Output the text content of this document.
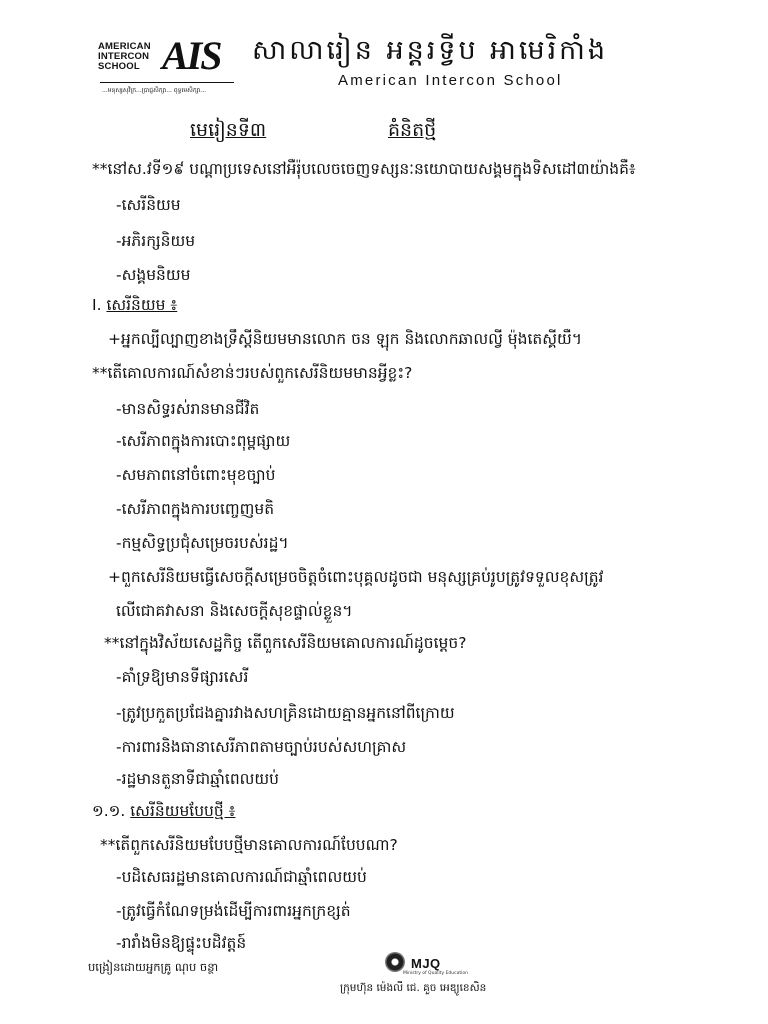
AMERICAN
INTERCON
SCHOOL AIS
...មនុស្សសុវិក្រ...ប្រាជ្ញសិក្សា... ពុទ្ធមេសិក្សា...
សាលារៀន អន្តរទ្វីប អាមេរិកាំង
American Intercon School
មេរៀនទី៣	គំនិតថ្មី
**នៅស.វទី១៩ បណ្ដាប្រទេសនៅអឺរ៉ុបលេចចេញទស្សនៈនយោបាយសង្គមក្នុងទិសដៅ៣យ៉ាងគឺ៖
-សេរីនិយម
-អភិរក្សនិយម
-សង្គមនិយម
I. សេរីនិយម ៖
+អ្នកល្បីល្បាញខាងទ្រឹស្ដីនិយមមានលោក ចន ឡុក និងលោកឆាលល្វី ម៉ុងតេស្គីយឺ។
**តើគោលការណ៍សំខាន់ៗរបស់ពួកសេរីនិយមមានអ្វីខ្លះ?
-មានសិទ្ធរស់រានមានជីវិត
-សេរីភាពក្នុងការបោះពុម្ពផ្សាយ
-សមភាពនៅចំពោះមុខច្បាប់
-សេរីភាពក្នុងការបញ្ចេញមតិ
-កម្មសិទ្ធប្រជុំសម្រេចរបស់រដ្ឋ។
+ពួកសេរីនិយមធ្វើសេចក្ដីសម្រេចចិត្តចំពោះបុគ្គលដូចជា មនុស្សគ្រប់រូបត្រូវទទួលខុសត្រូវ
លើជោគវាសនា និងសេចក្ដីសុខផ្ទាល់ខ្លួន។
**នៅក្នុងវិស័យសេដ្ឋកិច្ច តើពួកសេរីនិយមគោលការណ៍ដូចម្ដេច?
-គាំទ្រឱ្យមានទីផ្សារសេរី
-ត្រូវប្រកួតប្រជែងគ្នារវាងសហគ្រិនដោយគ្មានអ្នកនៅពីក្រោយ
-ការពារនិងធានាសេរីភាពតាមច្បាប់របស់សហគ្រាស
-រដ្ឋមានតួនាទីជាឆ្មាំពេលយប់
១.១. សេរីនិយមបែបថ្មី ៖
**តើពួកសេរីនិយមបែបថ្មីមានគោលការណ៍បែបណា?
-បដិសេធរដ្ឋមានគោលការណ៍ជាឆ្មាំពេលយប់
-ត្រូវធ្វើកំណែទម្រង់ដើម្បីការពារអ្នកក្រខ្សត់
-រារាំងមិនឱ្យផ្ទុះបដិវត្តន៍
បង្រៀនដោយអ្នកគ្រូ ណុប ចន្ថា	MJQ
Ministry of Quality Education
ក្រុមហ៊ុន ម៉េងលី ជេ. គួច អេឌ្យូខេសិន
